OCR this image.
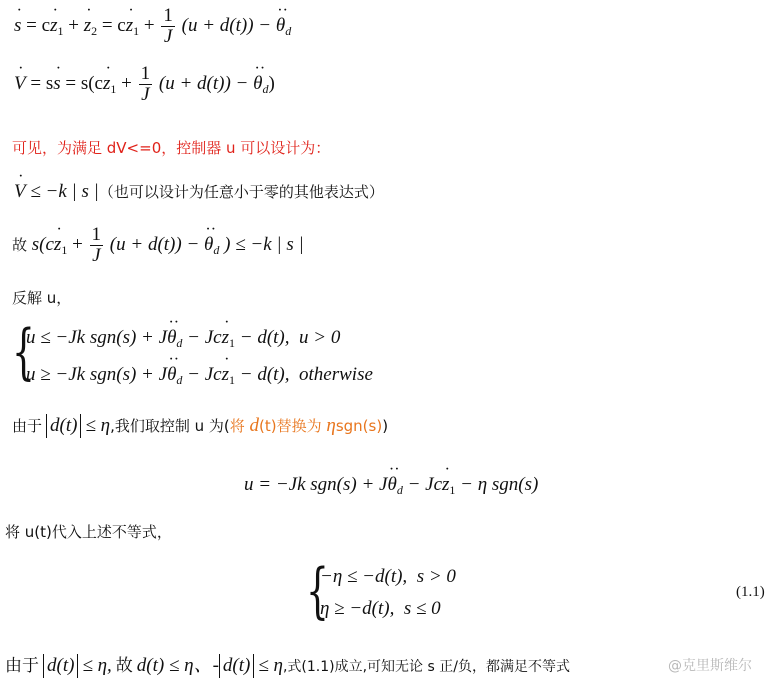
· $s = c\cdot z_1$ + · $z_2 = c\cdot z_1 + \frac{1}{J} (u + d(t))$ − ·· $\theta_d$
· $V = s\cdot s = s(c\cdot z_1 + \frac{1}{J} (u + d(t))$ − ·· $\theta_d$)
可见，为满足 dV<=0，控制器 u 可以设计为：
· V ≤ −k | s |（也可以设计为任意小于零的其他表达式）
故 $s(c\cdot z_1 + \frac{1}{J} (u + d(t))$ − ·· $\theta_d$ ) ≤ −k | s |
反解 u，
{
u ≤ −Jk $sgn(s) + J\cdot\cdot \theta_d - Jc\cdot z_1 - d(t)$, u > 0
u ≥ −Jk $sgn(s) + J\cdot\cdot \theta_d - Jc\cdot z_1 - d(t)$, otherwise
由于 d(t) ≤ η,我们取控制 u 为(将 d(t)替换为 ηsgn(s))
u = −Jk $sgn(s) + J\cdot\cdot \theta_d - Jc\cdot z_1 - \eta$ sgn(s)
将 u(t)代入上述不等式，
{
−η ≤ −d(t), s > 0
η ≥ −d(t), s ≤ 0
(1.1)
由于 d(t) ≤ η, 故 d(t) ≤ η、- d(t) ≤ η,式(1.1)成立,可知无论 s 正/负，都满足不等式	@克里斯维尔
